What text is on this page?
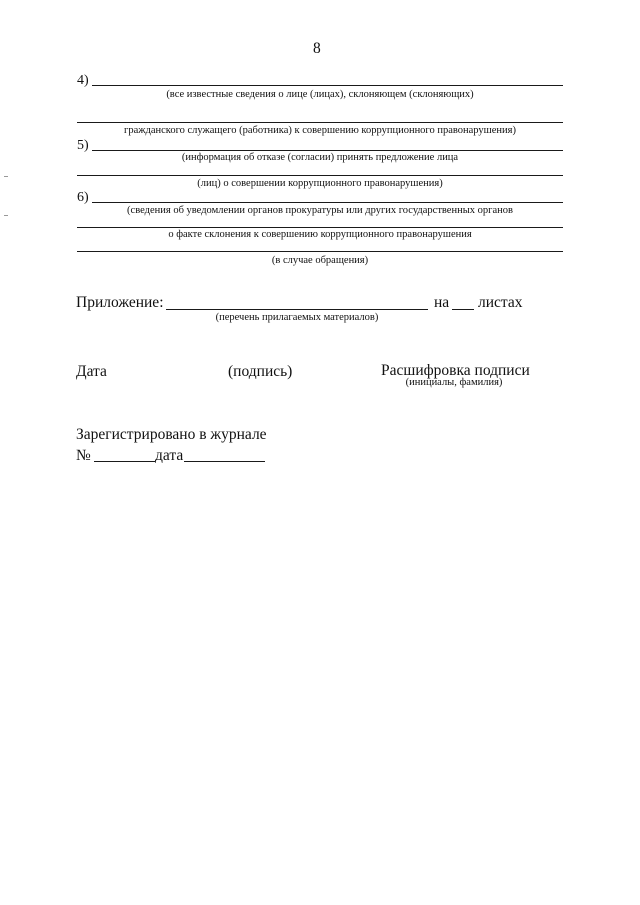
8
4)
(все известные сведения о лице (лицах), склоняющем (склоняющих)
гражданского служащего (работника) к совершению коррупционного правонарушения)
5)
(информация об отказе (согласии) принять предложение лица
(лиц) о совершении коррупционного правонарушения)
6)
(сведения об уведомлении органов прокуратуры или других государственных органов
о факте склонения к совершению коррупционного правонарушения
(в случае обращения)
Приложение:	на листах
(перечень прилагаемых материалов)
Дата	(подпись)	Расшифровка подписи
(инициалы, фамилия)
Зарегистрировано в журнале
№	дата
